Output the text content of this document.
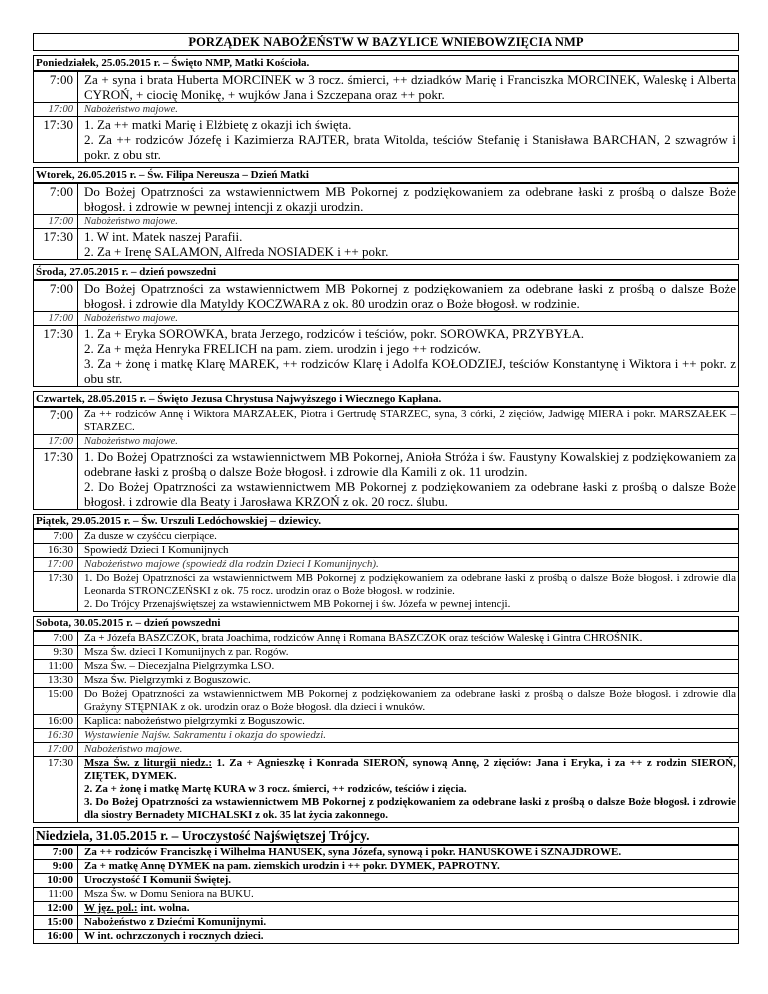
PORZĄDEK NABOŻEŃSTW W BAZYLICE WNIEBOWZIĘCIA NMP
Poniedziałek, 25.05.2015 r. – Święto NMP, Matki Kościoła.
7:00 Za + syna i brata Huberta MORCINEK w 3 rocz. śmierci, ++ dziadków Marię i Franciszka MORCINEK, Waleskę i Alberta CYROŃ, + ciocię Monikę, + wujków Jana i Szczepana oraz ++ pokr.
17:00	Nabożeństwo majowe.
17:30 1. Za ++ matki Marię i Elżbietę z okazji ich święta.
2. Za ++ rodziców Józefę i Kazimierza RAJTER, brata Witolda, teściów Stefanię i Stanisława BARCHAN, 2 szwagrów i pokr. z obu str.
Wtorek, 26.05.2015 r. – Św. Filipa Nereusza – Dzień Matki
7:00 Do Bożej Opatrzności za wstawiennictwem MB Pokornej z podziękowaniem za odebrane łaski z prośbą o dalsze Boże błogosł. i zdrowie w pewnej intencji z okazji urodzin.
17:00	Nabożeństwo majowe.
17:30 1. W int. Matek naszej Parafii.
2. Za + Irenę SALAMON, Alfreda NOSIADEK i ++ pokr.
Środa, 27.05.2015 r. – dzień powszedni
7:00 Do Bożej Opatrzności za wstawiennictwem MB Pokornej z podziękowaniem za odebrane łaski z prośbą o dalsze Boże błogosł. i zdrowie dla Matyldy KOCZWARA z ok. 80 urodzin oraz o Boże błogosł. w rodzinie.
17:00	Nabożeństwo majowe.
17:30 1. Za + Eryka SOROWKA, brata Jerzego, rodziców i teściów, pokr. SOROWKA, PRZYBYŁA.
2. Za + męża Henryka FRELICH na pam. ziem. urodzin i jego ++ rodziców.
3. Za + żonę i matkę Klarę MAREK, ++ rodziców Klarę i Adolfa KOŁODZIEJ, teściów Konstantynę i Wiktora i ++ pokr. z obu str.
Czwartek, 28.05.2015 r. – Święto Jezusa Chrystusa Najwyższego i Wiecznego Kapłana.
7:00	Za ++ rodziców Annę i Wiktora MARZAŁEK, Piotra i Gertrudę STARZEC, syna, 3 córki, 2 zięciów, Jadwigę MIERA i pokr. MARSZAŁEK – STARZEC.
17:00	Nabożeństwo majowe.
17:30 1. Do Bożej Opatrzności za wstawiennictwem MB Pokornej, Anioła Stróża i św. Faustyny Kowalskiej z podziękowaniem za odebrane łaski z prośbą o dalsze Boże błogosł. i zdrowie dla Kamili z ok. 11 urodzin.
2. Do Bożej Opatrzności za wstawiennictwem MB Pokornej z podziękowaniem za odebrane łaski z prośbą o dalsze Boże błogosł. i zdrowie dla Beaty i Jarosława KRZOŃ z ok. 20 rocz. ślubu.
Piątek, 29.05.2015 r. – Św. Urszuli Ledóchowskiej – dziewicy.
7:00	Za dusze w czyśćcu cierpiące.
16:30	Spowiedź Dzieci I Komunijnych
17:00	Nabożeństwo majowe (spowiedź dla rodzin Dzieci I Komunijnych).
17:30	1. Do Bożej Opatrzności za wstawiennictwem MB Pokornej z podziękowaniem za odebrane łaski z prośbą o dalsze Boże błogosł. i zdrowie dla Leonarda STRONCZEŃSKI z ok. 75 rocz. urodzin oraz o Boże błogosł. w rodzinie.
2. Do Trójcy Przenajświętszej za wstawiennictwem MB Pokornej i św. Józefa w pewnej intencji.
Sobota, 30.05.2015 r. – dzień powszedni
7:00	Za + Józefa BASZCZOK, brata Joachima, rodziców Annę i Romana BASZCZOK oraz teściów Waleskę i Gintra CHROŚNIK.
9:30	Msza Św. dzieci I Komunijnych z par. Rogów.
11:00	Msza Św. – Diecezjalna Pielgrzymka LSO.
13:30	Msza Św. Pielgrzymki z Boguszowic.
15:00	Do Bożej Opatrzności za wstawiennictwem MB Pokornej z podziękowaniem za odebrane łaski z prośbą o dalsze Boże błogosł. i zdrowie dla Grażyny STĘPNIAK z ok. urodzin oraz o Boże błogosł. dla dzieci i wnuków.
16:00	Kaplica: nabożeństwo pielgrzymki z Boguszowic.
16:30	Wystawienie Najśw. Sakramentu i okazja do spowiedzi.
17:00	Nabożeństwo majowe.
17:30	Msza Św. z liturgii niedz.: 1. Za + Agnieszkę i Konrada SIEROŃ, synową Annę, 2 zięciów: Jana i Eryka, i za ++ z rodzin SIEROŃ, ZIĘTEK, DYMEK.
2. Za + żonę i matkę Martę KURA w 3 rocz. śmierci, ++ rodziców, teściów i zięcia.
3. Do Bożej Opatrzności za wstawiennictwem MB Pokornej z podziękowaniem za odebrane łaski z prośbą o dalsze Boże błogosł. i zdrowie dla siostry Bernadety MICHALSKI z ok. 35 lat życia zakonnego.
Niedziela, 31.05.2015 r. – Uroczystość Najświętszej Trójcy.
7:00	Za ++ rodziców Franciszkę i Wilhelma HANUSEK, syna Józefa, synową i pokr. HANUSKOWE i SZNAJDROWE.
9:00	Za + matkę Annę DYMEK na pam. ziemskich urodzin i ++ pokr. DYMEK, PAPROTNY.
10:00	Uroczystość I Komunii Świętej.
11:00	Msza Św. w Domu Seniora na BUKU.
12:00	W jęz. pol.: int. wolna.
15:00	Nabożeństwo z Dziećmi Komunijnymi.
16:00	W int. ochrzczonych i rocznych dzieci.
